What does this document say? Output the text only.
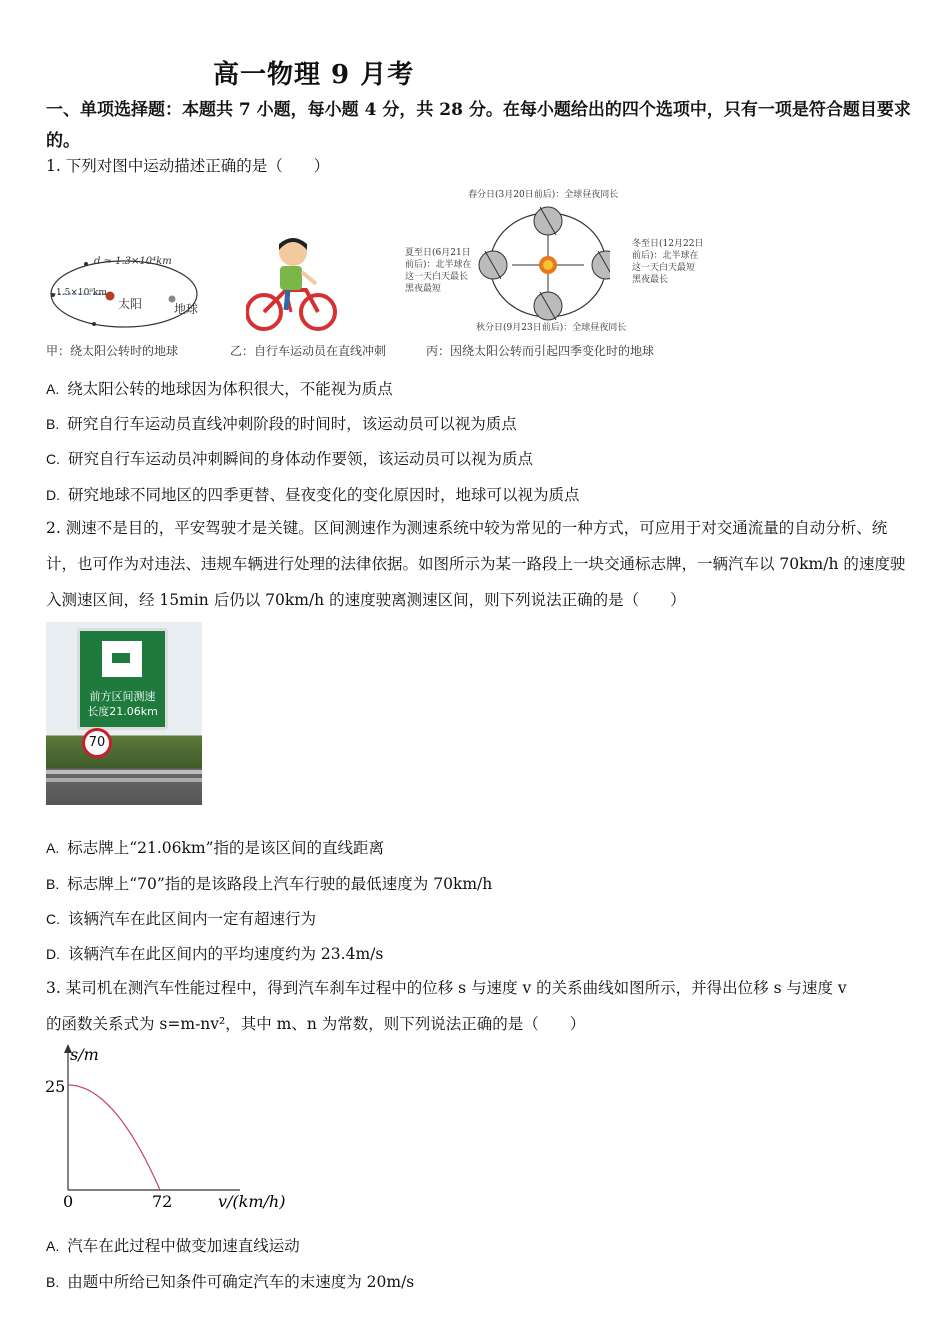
高一物理 9 月考
一、单项选择题：本题共 7 小题，每小题 4 分，共 28 分。在每小题给出的四个选项中，只有一项是符合题目要求的。
1. 下列对图中运动描述正确的是（　　）
d ≈ 1.3×10⁴km
1.5×10⁸km
太阳	地球
甲：绕太阳公转时的地球	乙：自行车运动员在直线冲刺
春分日(3月20日前后)：全球昼夜同长
夏至日(6月21日
前后)：北半球在
这一天白天最长
黑夜最短
冬至日(12月22日
前后)：北半球在
这一天白天最短
黑夜最长
秋分日(9月23日前后)：全球昼夜同长
丙：因绕太阳公转而引起四季变化时的地球
A. 绕太阳公转的地球因为体积很大，不能视为质点
B. 研究自行车运动员直线冲刺阶段的时间时，该运动员可以视为质点
C. 研究自行车运动员冲刺瞬间的身体动作要领，该运动员可以视为质点
D. 研究地球不同地区的四季更替、昼夜变化的变化原因时，地球可以视为质点
2. 测速不是目的，平安驾驶才是关键。区间测速作为测速系统中较为常见的一种方式，可应用于对交通流量的自动分析、统计，也可作为对违法、违规车辆进行处理的法律依据。如图所示为某一路段上一块交通标志牌，一辆汽车以 70km/h 的速度驶入测速区间，经 15min 后仍以 70km/h 的速度驶离测速区间，则下列说法正确的是（　　）
前方区间测速
长度21.06km
70
A. 标志牌上“21.06km”指的是该区间的直线距离
B. 标志牌上“70”指的是该路段上汽车行驶的最低速度为 70km/h
C. 该辆汽车在此区间内一定有超速行为
D. 该辆汽车在此区间内的平均速度约为 23.4m/s
3. 某司机在测汽车性能过程中，得到汽车刹车过程中的位移 s 与速度 v 的关系曲线如图所示，并得出位移 s 与速度 v
的函数关系式为 s=m-nv²，其中 m、n 为常数，则下列说法正确的是（　　）
s/m
25
0	72	v/(km/h)
A. 汽车在此过程中做变加速直线运动
B. 由题中所给已知条件可确定汽车的末速度为 20m/s
